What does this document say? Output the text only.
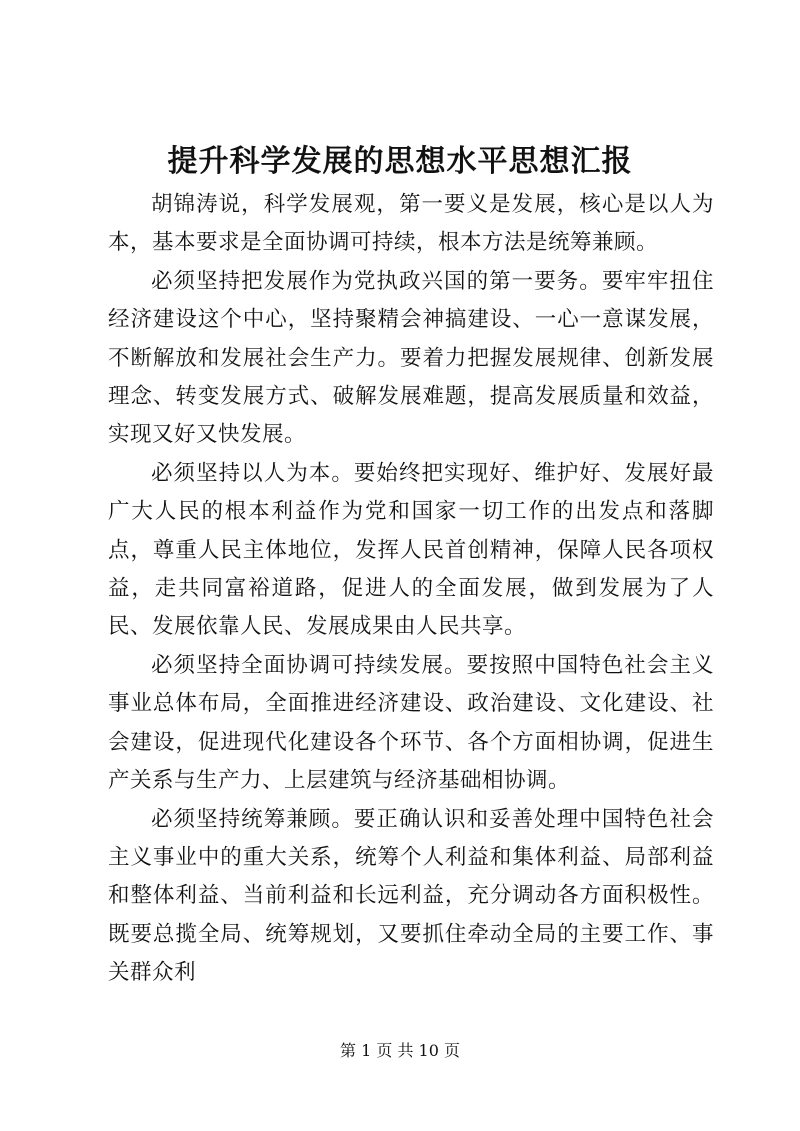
提升科学发展的思想水平思想汇报

胡锦涛说，科学发展观，第一要义是发展，核心是以人为本，基本要求是全面协调可持续，根本方法是统筹兼顾。

必须坚持把发展作为党执政兴国的第一要务。要牢牢扭住经济建设这个中心，坚持聚精会神搞建设、一心一意谋发展，不断解放和发展社会生产力。要着力把握发展规律、创新发展理念、转变发展方式、破解发展难题，提高发展质量和效益，实现又好又快发展。

必须坚持以人为本。要始终把实现好、维护好、发展好最广大人民的根本利益作为党和国家一切工作的出发点和落脚点，尊重人民主体地位，发挥人民首创精神，保障人民各项权益，走共同富裕道路，促进人的全面发展，做到发展为了人民、发展依靠人民、发展成果由人民共享。

必须坚持全面协调可持续发展。要按照中国特色社会主义事业总体布局，全面推进经济建设、政治建设、文化建设、社会建设，促进现代化建设各个环节、各个方面相协调，促进生产关系与生产力、上层建筑与经济基础相协调。

必须坚持统筹兼顾。要正确认识和妥善处理中国特色社会主义事业中的重大关系，统筹个人利益和集体利益、局部利益和整体利益、当前利益和长远利益，充分调动各方面积极性。既要总揽全局、统筹规划，又要抓住牵动全局的主要工作、事关群众利

第 1 页 共 10 页
